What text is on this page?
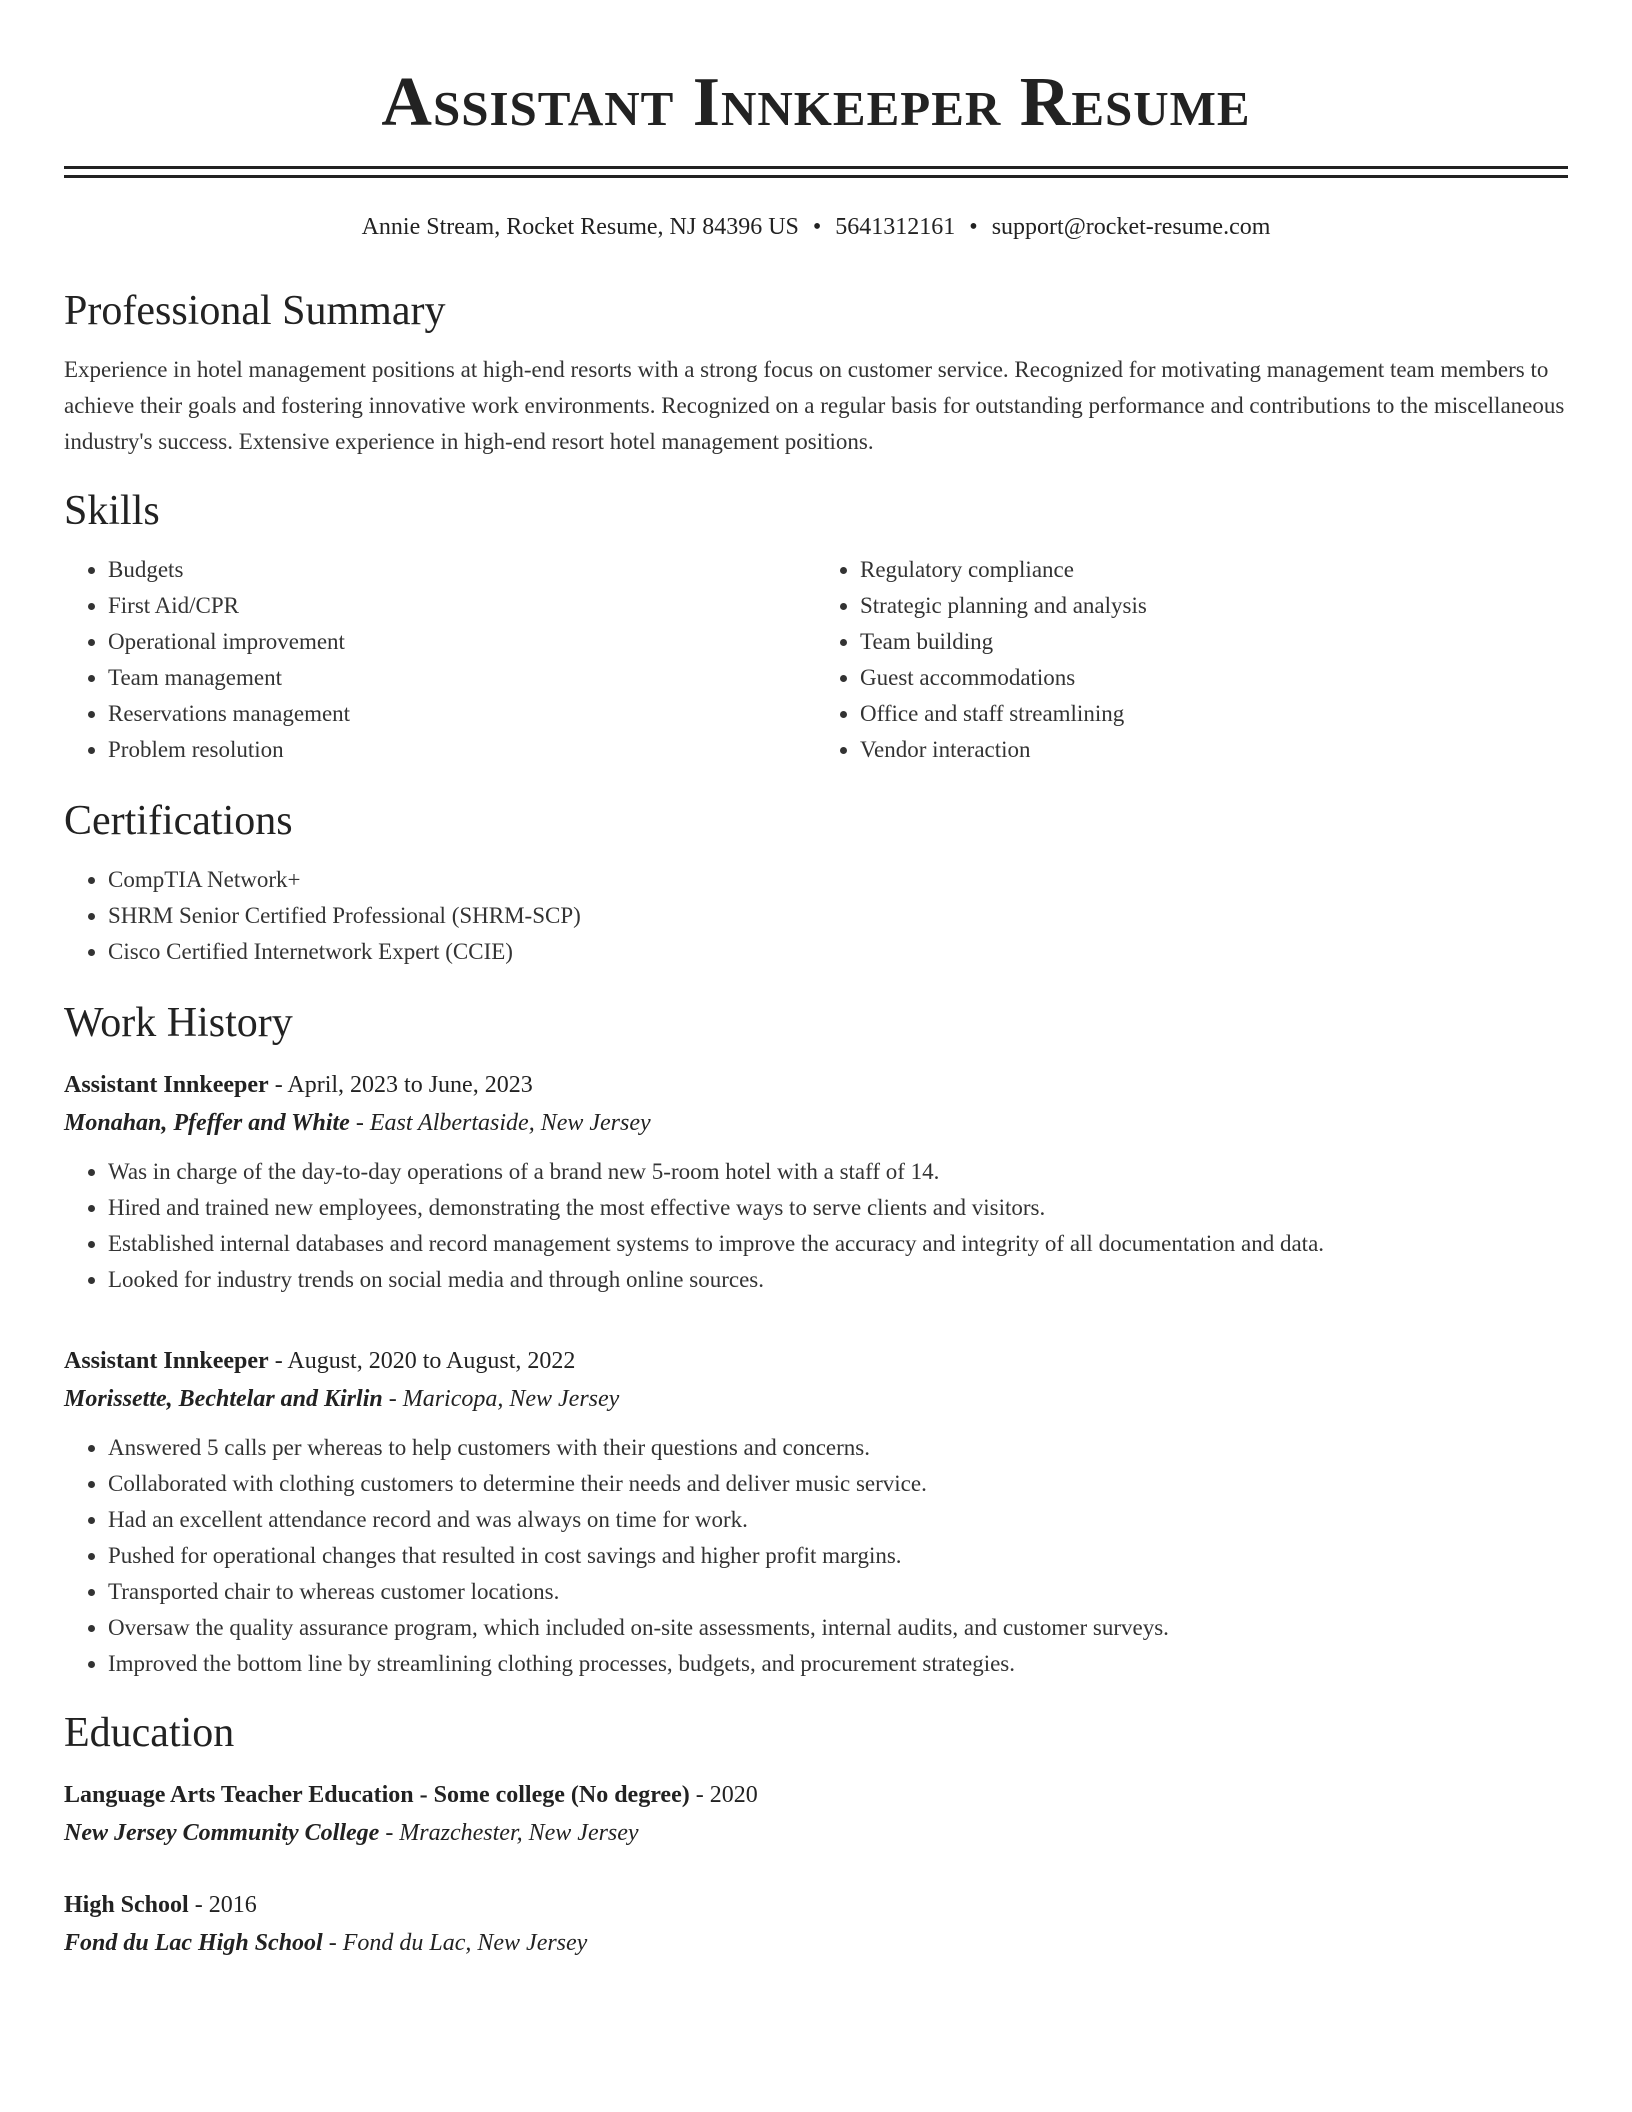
Assistant Innkeeper Resume
Annie Stream, Rocket Resume, NJ 84396 US • 5641312161 • support@rocket-resume.com
Professional Summary

Experience in hotel management positions at high-end resorts with a strong focus on customer service. Recognized for motivating management team members to achieve their goals and fostering innovative work environments. Recognized on a regular basis for outstanding performance and contributions to the miscellaneous industry's success. Extensive experience in high-end resort hotel management positions.

Skills
• Budgets
• First Aid/CPR
• Operational improvement
• Team management
• Reservations management
• Problem resolution
• Regulatory compliance
• Strategic planning and analysis
• Team building
• Guest accommodations
• Office and staff streamlining
• Vendor interaction
Certifications
• CompTIA Network+
• SHRM Senior Certified Professional (SHRM-SCP)
• Cisco Certified Internetwork Expert (CCIE)
Work History
Assistant Innkeeper - April, 2023 to June, 2023
Monahan, Pfeffer and White - East Albertaside, New Jersey
• Was in charge of the day-to-day operations of a brand new 5-room hotel with a staff of 14.
• Hired and trained new employees, demonstrating the most effective ways to serve clients and visitors.
• Established internal databases and record management systems to improve the accuracy and integrity of all documentation and data.
• Looked for industry trends on social media and through online sources.
Assistant Innkeeper - August, 2020 to August, 2022
Morissette, Bechtelar and Kirlin - Maricopa, New Jersey
• Answered 5 calls per whereas to help customers with their questions and concerns.
• Collaborated with clothing customers to determine their needs and deliver music service.
• Had an excellent attendance record and was always on time for work.
• Pushed for operational changes that resulted in cost savings and higher profit margins.
• Transported chair to whereas customer locations.
• Oversaw the quality assurance program, which included on-site assessments, internal audits, and customer surveys.
• Improved the bottom line by streamlining clothing processes, budgets, and procurement strategies.
Education
Language Arts Teacher Education - Some college (No degree) - 2020
New Jersey Community College - Mrazchester, New Jersey
High School - 2016
Fond du Lac High School - Fond du Lac, New Jersey
